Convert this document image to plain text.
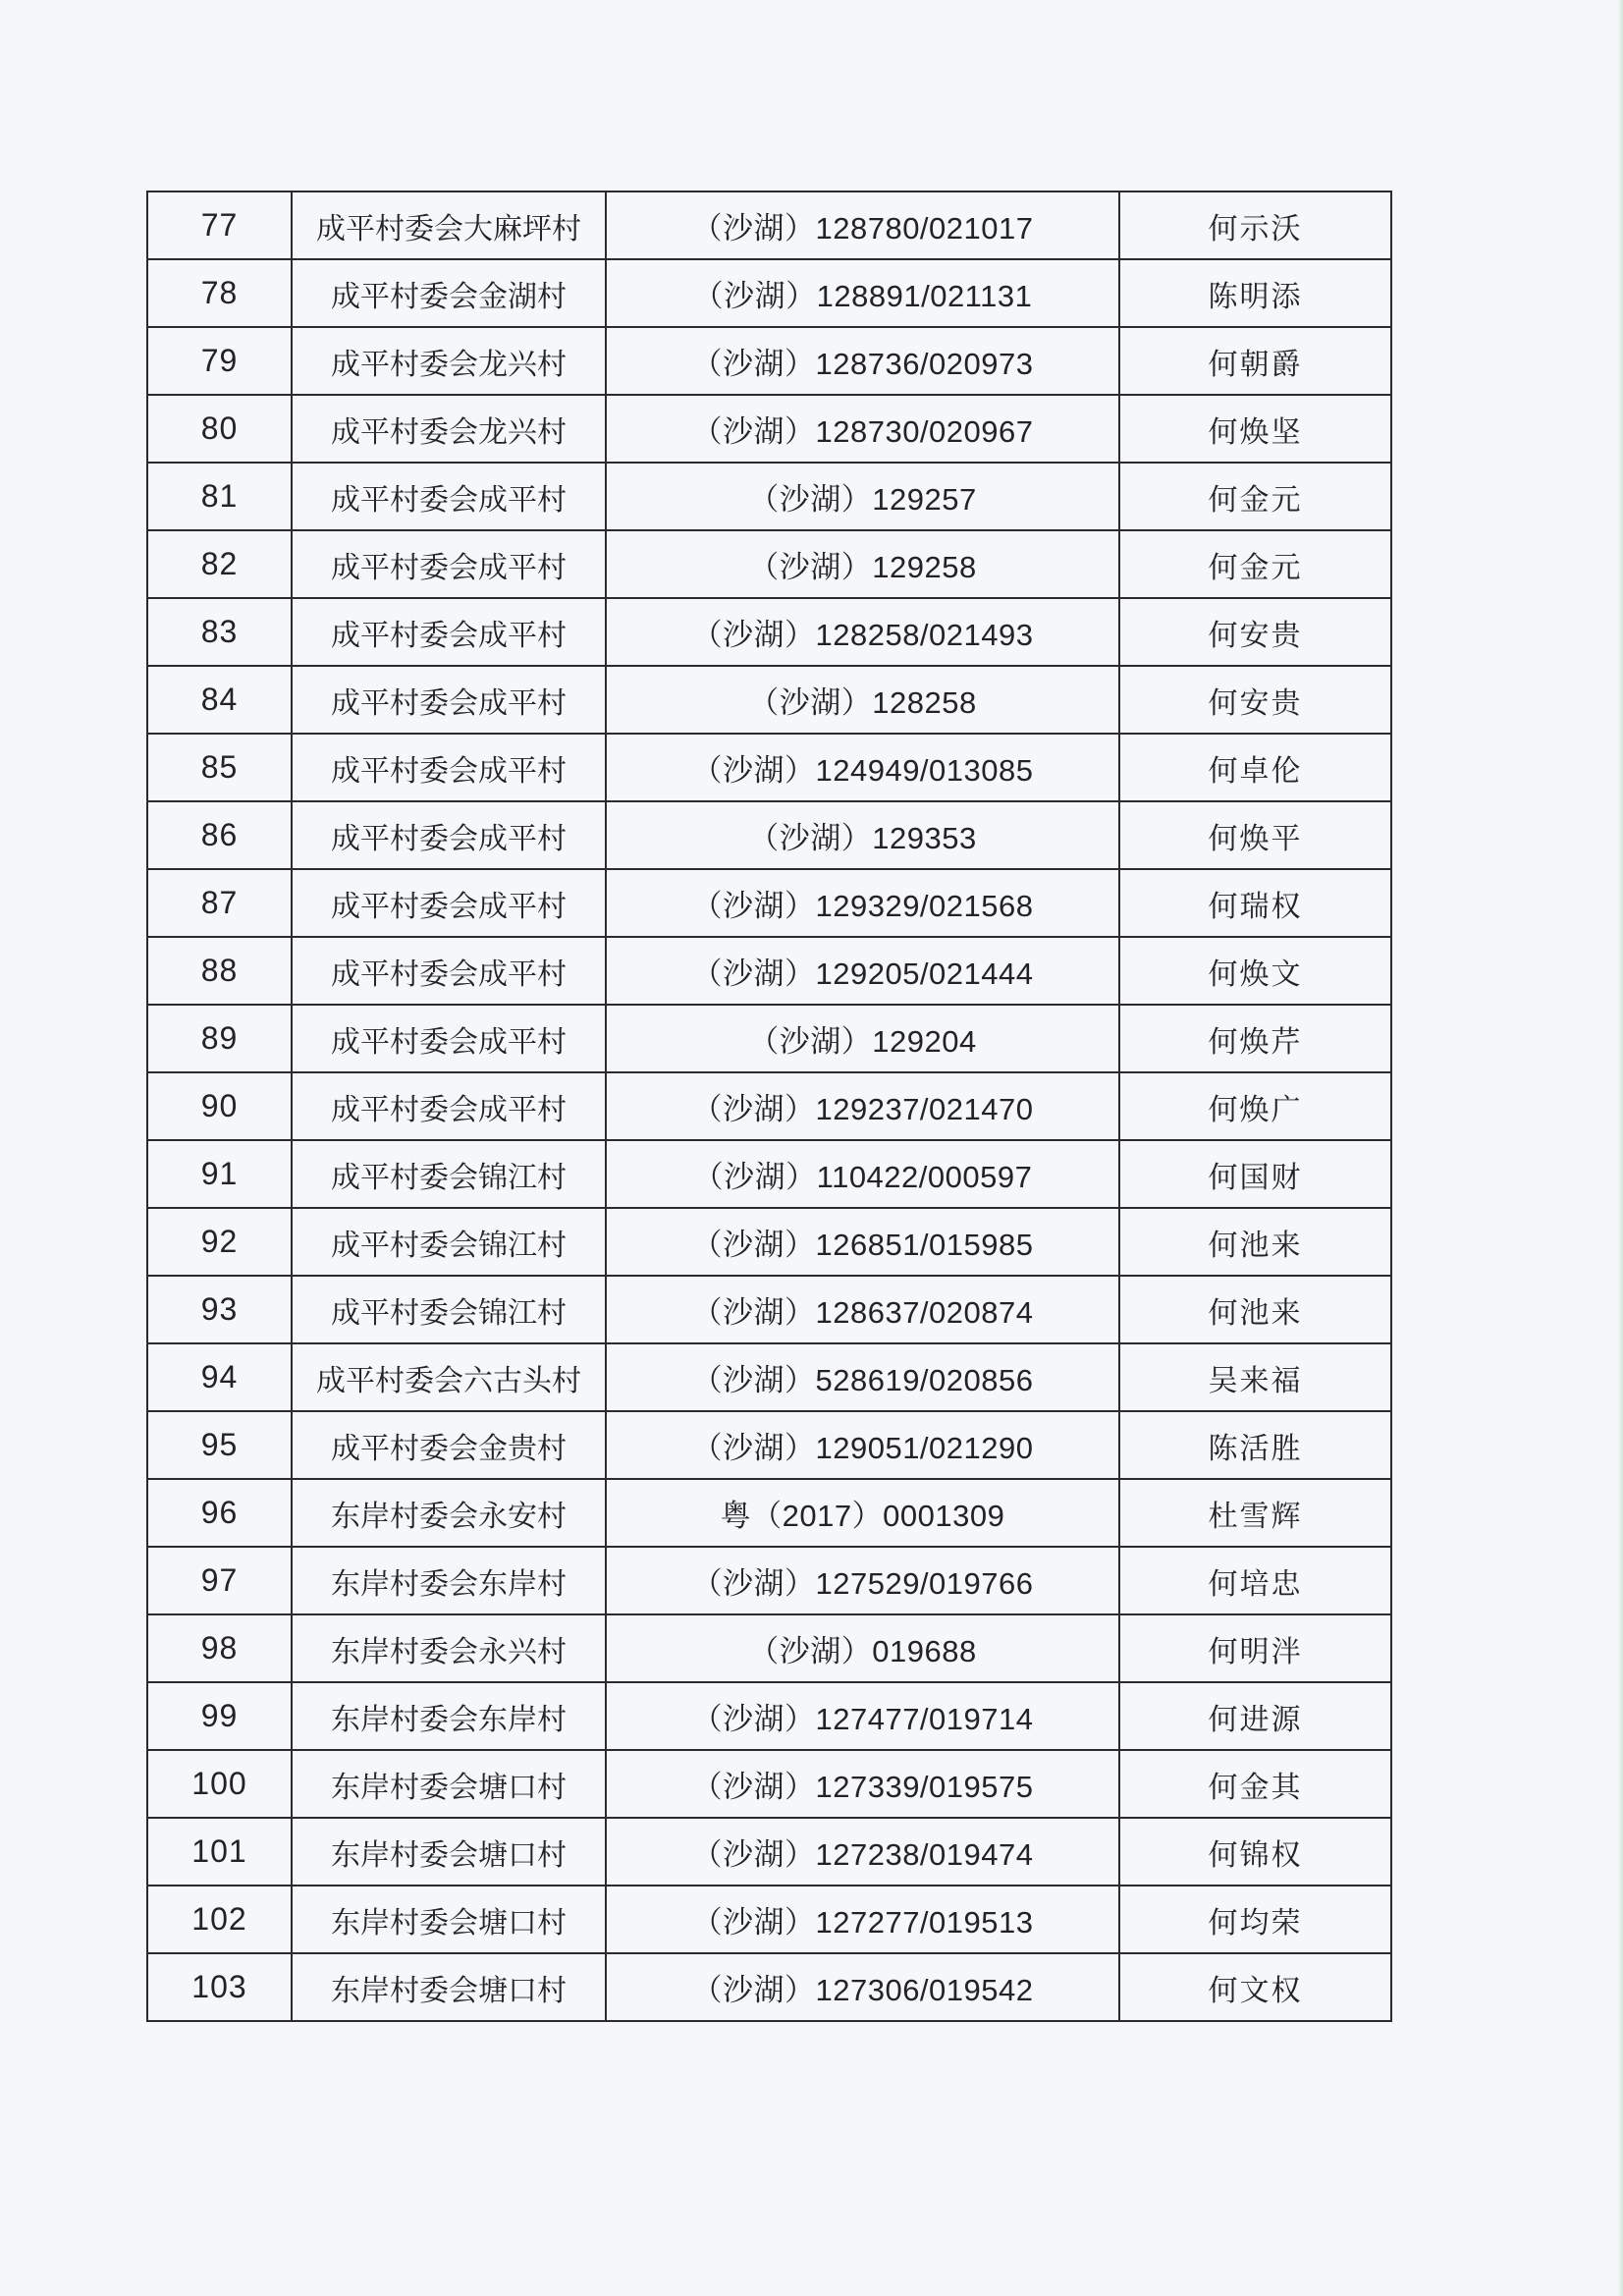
77	成平村委会大麻坪村	（沙湖）128780/021017	何示沃
78	成平村委会金湖村	（沙湖）128891/021131	陈明添
79	成平村委会龙兴村	（沙湖）128736/020973	何朝爵
80	成平村委会龙兴村	（沙湖）128730/020967	何焕坚
81	成平村委会成平村	（沙湖）129257	何金元
82	成平村委会成平村	（沙湖）129258	何金元
83	成平村委会成平村	（沙湖）128258/021493	何安贵
84	成平村委会成平村	（沙湖）128258	何安贵
85	成平村委会成平村	（沙湖）124949/013085	何卓伦
86	成平村委会成平村	（沙湖）129353	何焕平
87	成平村委会成平村	（沙湖）129329/021568	何瑞权
88	成平村委会成平村	（沙湖）129205/021444	何焕文
89	成平村委会成平村	（沙湖）129204	何焕芹
90	成平村委会成平村	（沙湖）129237/021470	何焕广
91	成平村委会锦江村	（沙湖）110422/000597	何国财
92	成平村委会锦江村	（沙湖）126851/015985	何池来
93	成平村委会锦江村	（沙湖）128637/020874	何池来
94	成平村委会六古头村	（沙湖）528619/020856	吴来福
95	成平村委会金贵村	（沙湖）129051/021290	陈活胜
96	东岸村委会永安村	粤（2017）0001309	杜雪辉
97	东岸村委会东岸村	（沙湖）127529/019766	何培忠
98	东岸村委会永兴村	（沙湖）019688	何明泮
99	东岸村委会东岸村	（沙湖）127477/019714	何进源
100	东岸村委会塘口村	（沙湖）127339/019575	何金其
101	东岸村委会塘口村	（沙湖）127238/019474	何锦权
102	东岸村委会塘口村	（沙湖）127277/019513	何均荣
103	东岸村委会塘口村	（沙湖）127306/019542	何文权
